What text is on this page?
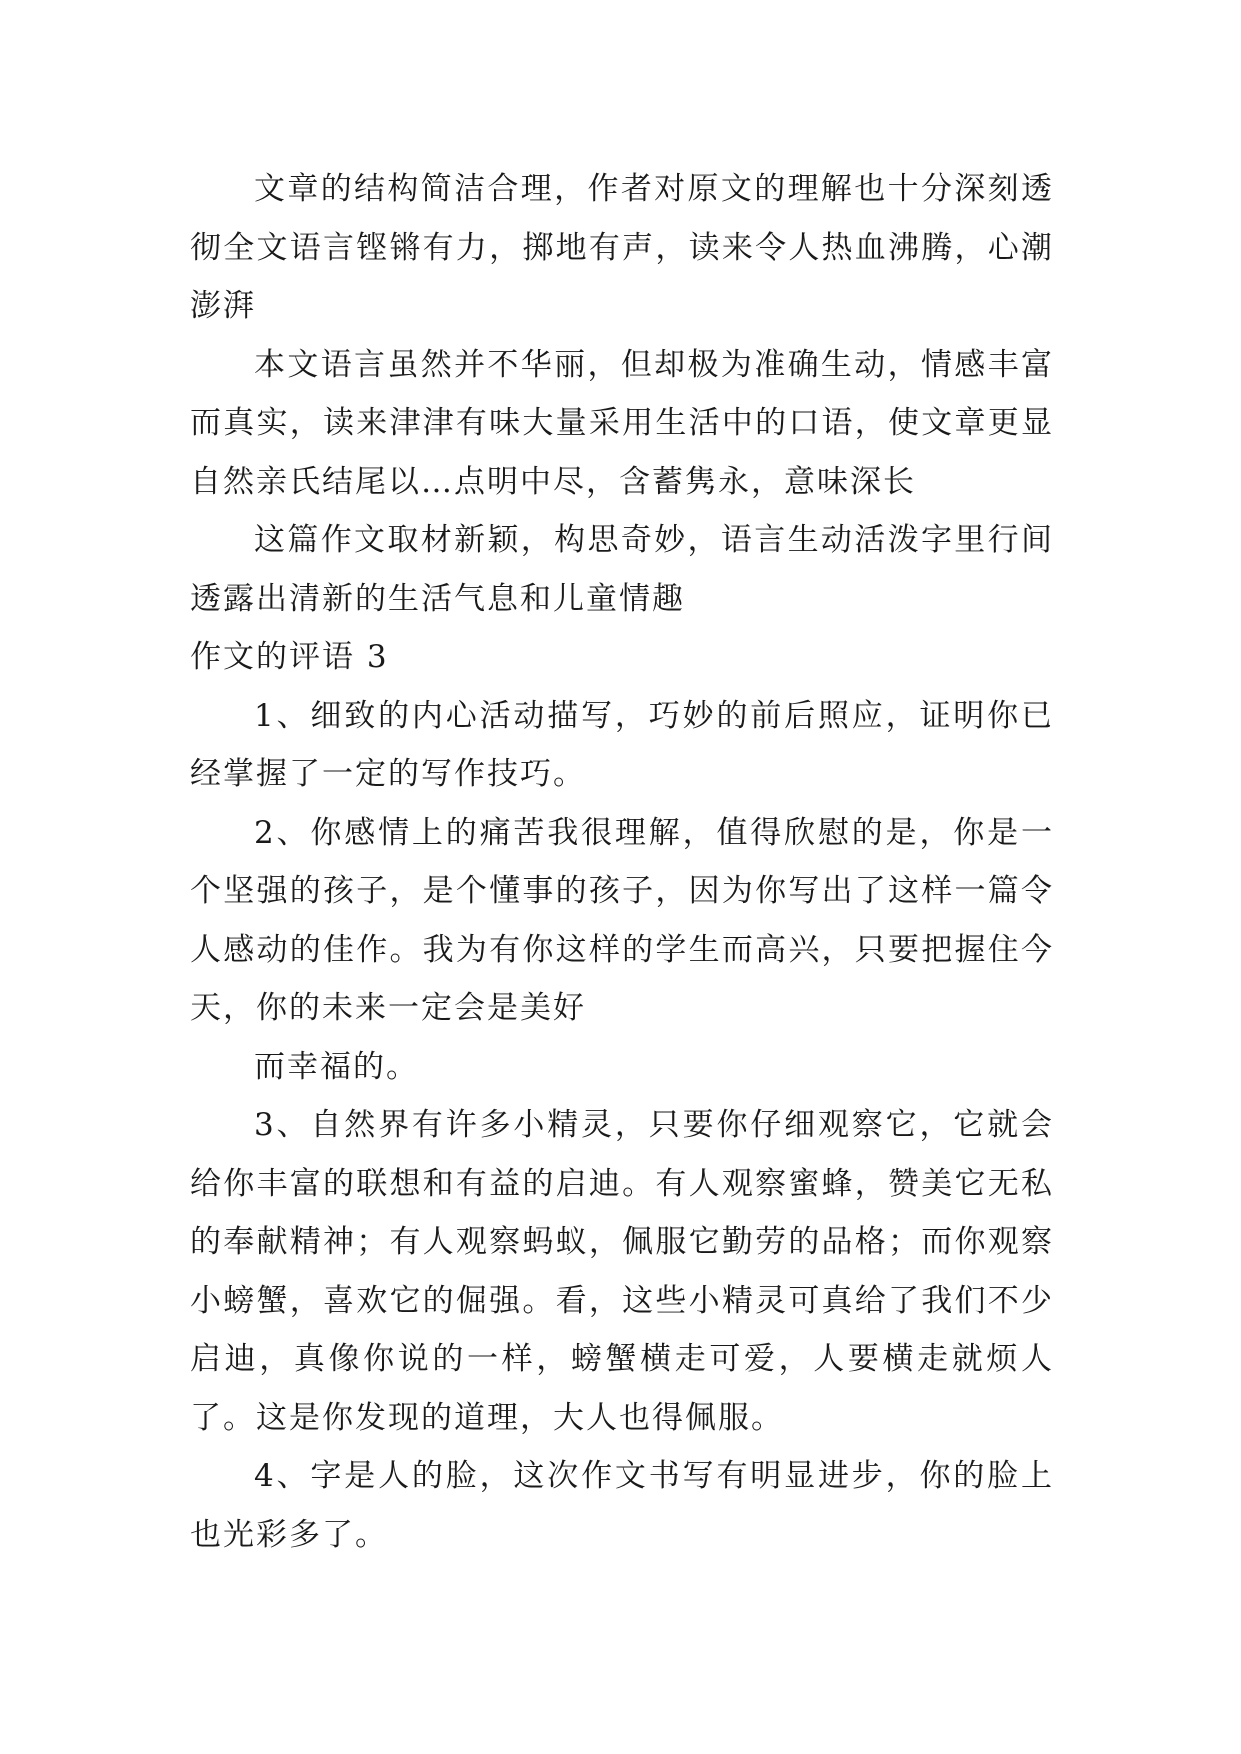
文章的结构简洁合理，作者对原文的理解也十分深刻透彻全文语言铿锵有力，掷地有声，读来令人热血沸腾，心潮澎湃

本文语言虽然并不华丽，但却极为准确生动，情感丰富而真实，读来津津有味大量采用生活中的口语，使文章更显自然亲氏结尾以…点明中尽，含蓄隽永，意味深长

这篇作文取材新颖，构思奇妙，语言生动活泼字里行间透露出清新的生活气息和儿童情趣

作文的评语 3

1、细致的内心活动描写，巧妙的前后照应，证明你已经掌握了一定的写作技巧。

2、你感情上的痛苦我很理解，值得欣慰的是，你是一个坚强的孩子，是个懂事的孩子，因为你写出了这样一篇令人感动的佳作。我为有你这样的学生而高兴，只要把握住今天，你的未来一定会是美好

而幸福的。

3、自然界有许多小精灵，只要你仔细观察它，它就会给你丰富的联想和有益的启迪。有人观察蜜蜂，赞美它无私的奉献精神；有人观察蚂蚁，佩服它勤劳的品格；而你观察小螃蟹，喜欢它的倔强。看，这些小精灵可真给了我们不少启迪，真像你说的一样，螃蟹横走可爱，人要横走就烦人了。这是你发现的道理，大人也得佩服。

4、字是人的脸，这次作文书写有明显进步，你的脸上也光彩多了。
